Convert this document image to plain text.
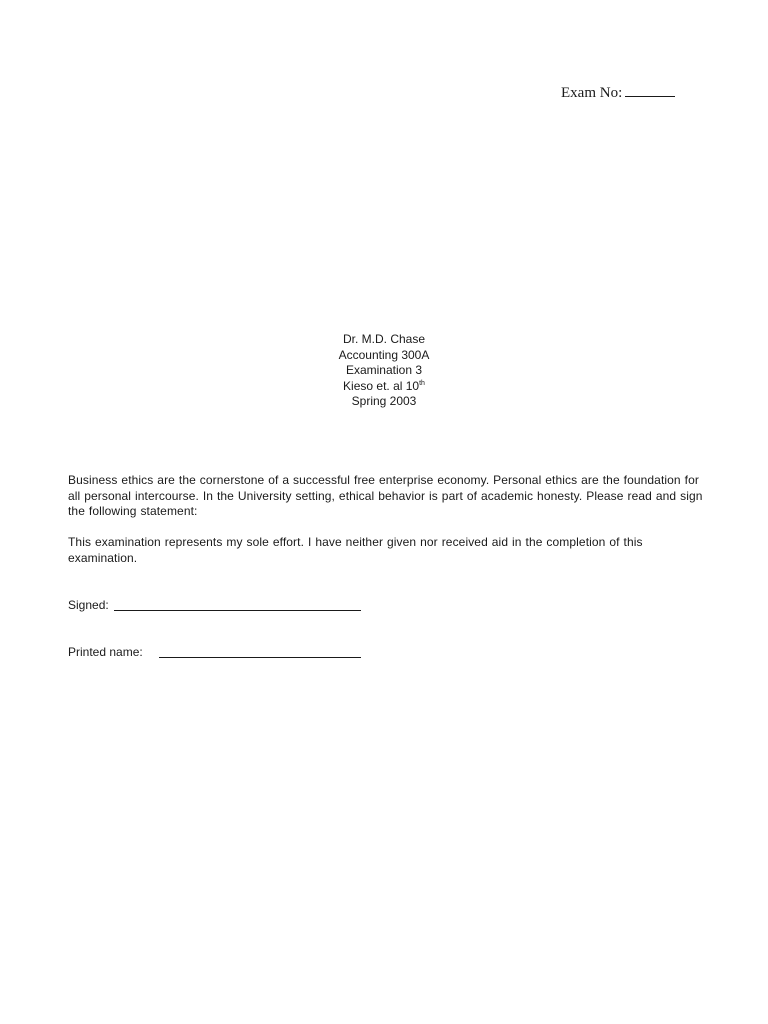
Exam No:
Dr. M.D. Chase
Accounting 300A
Examination 3
Kieso et. al 10th
Spring 2003
Business ethics are the cornerstone of a successful free enterprise economy. Personal ethics are the foundation for all personal intercourse. In the University setting, ethical behavior is part of academic honesty. Please read and sign the following statement:
This examination represents my sole effort. I have neither given nor received aid in the completion of this examination.
Signed:
Printed name:
